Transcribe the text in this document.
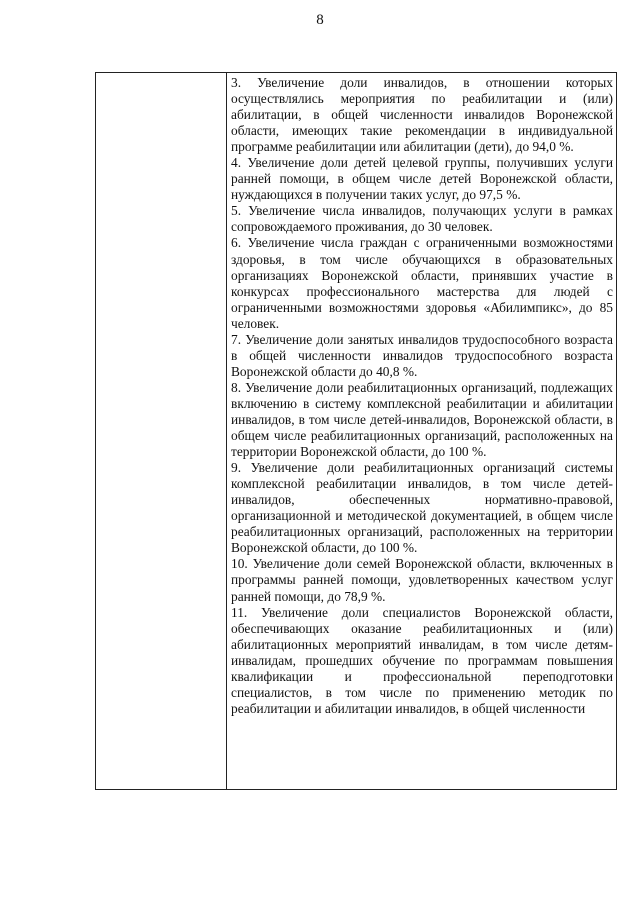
8

3. Увеличение доли инвалидов, в отношении которых осуществлялись мероприятия по реабилитации и (или) абилитации, в общей численности инвалидов Воронежской области, имеющих такие рекомендации в индивидуальной программе реабилитации или абилитации (дети), до 94,0 %.

4. Увеличение доли детей целевой группы, получивших услуги ранней помощи, в общем числе детей Воронежской области, нуждающихся в получении таких услуг, до 97,5 %.

5. Увеличение числа инвалидов, получающих услуги в рамках сопровождаемого проживания, до 30 человек.

6. Увеличение числа граждан с ограниченными возможностями здоровья, в том числе обучающихся в образовательных организациях Воронежской области, принявших участие в конкурсах профессионального мастерства для людей с ограниченными возможностями здоровья «Абилимпикс», до 85 человек.

7. Увеличение доли занятых инвалидов трудоспособного возраста в общей численности инвалидов трудоспособного возраста Воронежской области до 40,8 %.

8. Увеличение доли реабилитационных организаций, подлежащих включению в систему комплексной реабилитации и абилитации инвалидов, в том числе детей-инвалидов, Воронежской области, в общем числе реабилитационных организаций, расположенных на территории Воронежской области, до 100 %.

9. Увеличение доли реабилитационных организаций системы комплексной реабилитации инвалидов, в том числе детей-инвалидов, обеспеченных нормативно-правовой, организационной и методической документацией, в общем числе реабилитационных организаций, расположенных на территории Воронежской области, до 100 %.

10. Увеличение доли семей Воронежской области, включенных в программы ранней помощи, удовлетворенных качеством услуг ранней помощи, до 78,9 %.

11. Увеличение доли специалистов Воронежской области, обеспечивающих оказание реабилитационных и (или) абилитационных мероприятий инвалидам, в том числе детям-инвалидам, прошедших обучение по программам повышения квалификации и профессиональной переподготовки специалистов, в том числе по применению методик по реабилитации и абилитации инвалидов, в общей численности
